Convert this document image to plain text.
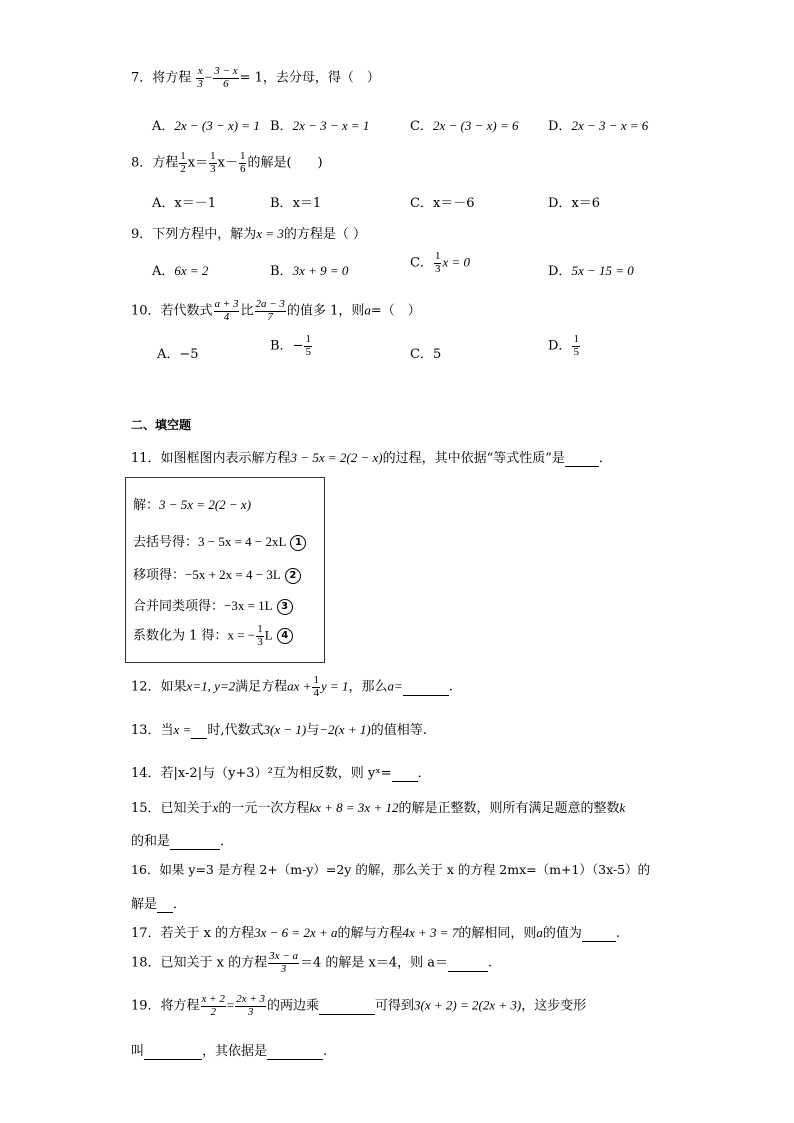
7．将方程 $\frac{x}{3} - \frac{3 - x}{6} = 1$，去分母，得（　）
A．2x − (3 − x) = 1 B．2x − 3 − x = 1	C．2x − (3 − x) = 6 D．2x − 3 − x = 6
8．方程 $\frac{1}{2} x= \frac{1}{3} x- \frac{1}{6}$ 的解是(　　)
A．x＝－1	B．x＝1	C．x＝－6	D．x＝6
9．下列方程中，解为x = 3的方程是（ ）
A．6x = 2	B．3x + 9 = 0	C． $\frac{1}{3}$ x = 0
D．5x − 15 = 0
10．若代数式 $\frac{a + 3}{4}$ 比 $\frac{2a - 3}{7}$ 的值多 1，则a=（　）
A．−5
B．− $\frac{1}{5}$	C．5
D． $\frac{1}{5}$
二、填空题
11．如图框图内表示解方程3 − 5x = 2(2 − x)的过程，其中依据“等式性质”是	．
解：3 − 5x = 2(2 − x)
去括号得：3 − 5x = 4 − 2xL 1
移项得：−5x + 2x = 4 − 3L 2
合并同类项得：−3x = 1L 3
系数化为 1 得：x = − $\frac{1}{3}$ L 4
12．如果x=1, y=2满足方程ax + $\frac{1}{4}$ y = 1，那么a=	.
13．当x = 时,代数式3(x − 1)与−2(x + 1)的值相等.
14．若|x-2|与（y+3）²互为相反数，则 yˣ= ．
15．已知关于x的一元一次方程kx + 8 = 3x + 12的解是正整数，则所有满足题意的整数k
的和是	．
16．如果 y=3 是方程 2+（m-y）=2y 的解，那么关于 x 的方程 2mx=（m+1）（3x-5）的
解是 ．
17．若关于 x 的方程3x − 6 = 2x + a的解与方程4x + 3 = 7的解相同，则a的值为	.
18．已知关于 x 的方程 $\frac{3x - a}{3} =4$ 的解是 x＝4，则 a＝	.
19．将方程 $\frac{x + 2}{2} = \frac{2x + 3}{3}$ 的两边乘	可得到3(x + 2) = 2(2x + 3)，这步变形
叫	，其依据是	.
